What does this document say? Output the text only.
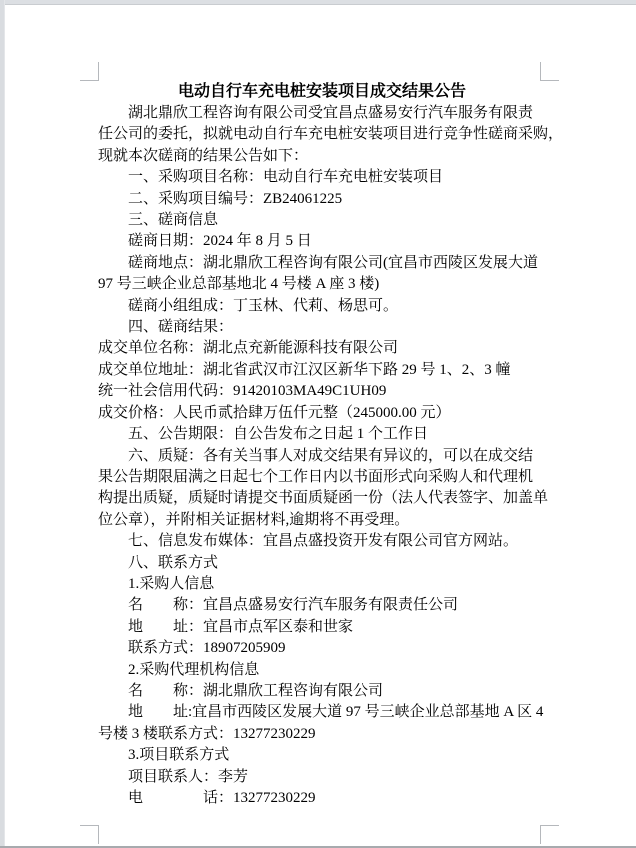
电动自行车充电桩安装项目成交结果公告
湖北鼎欣工程咨询有限公司受宜昌点盛易安行汽车服务有限责
任公司的委托，拟就电动自行车充电桩安装项目进行竞争性磋商采购，
现就本次磋商的结果公告如下：
一、采购项目名称：电动自行车充电桩安装项目
二、采购项目编号：ZB24061225
三、磋商信息
磋商日期：2024 年 8 月 5 日
磋商地点：湖北鼎欣工程咨询有限公司(宜昌市西陵区发展大道
97 号三峡企业总部基地北 4 号楼 A 座 3 楼)
磋商小组组成：丁玉林、代莉、杨思可。
四、磋商结果：
成交单位名称：湖北点充新能源科技有限公司
成交单位地址：湖北省武汉市江汉区新华下路 29 号 1、2、3 幢
统一社会信用代码：91420103MA49C1UH09
成交价格：人民币贰拾肆万伍仟元整（245000.00 元）
五、公告期限：自公告发布之日起 1 个工作日
六、质疑：各有关当事人对成交结果有异议的，可以在成交结
果公告期限届满之日起七个工作日内以书面形式向采购人和代理机
构提出质疑，质疑时请提交书面质疑函一份（法人代表签字、加盖单
位公章），并附相关证据材料,逾期将不再受理。
七、信息发布媒体：宜昌点盛投资开发有限公司官方网站。
八、联系方式
1.采购人信息
名　　称：宜昌点盛易安行汽车服务有限责任公司
地　　址：宜昌市点军区泰和世家
联系方式：18907205909
2.采购代理机构信息
名　　称：湖北鼎欣工程咨询有限公司
地　　址:宜昌市西陵区发展大道 97 号三峡企业总部基地 A 区 4
号楼 3 楼联系方式：13277230229
3.项目联系方式
项目联系人：李芳
电　　　　话：13277230229
